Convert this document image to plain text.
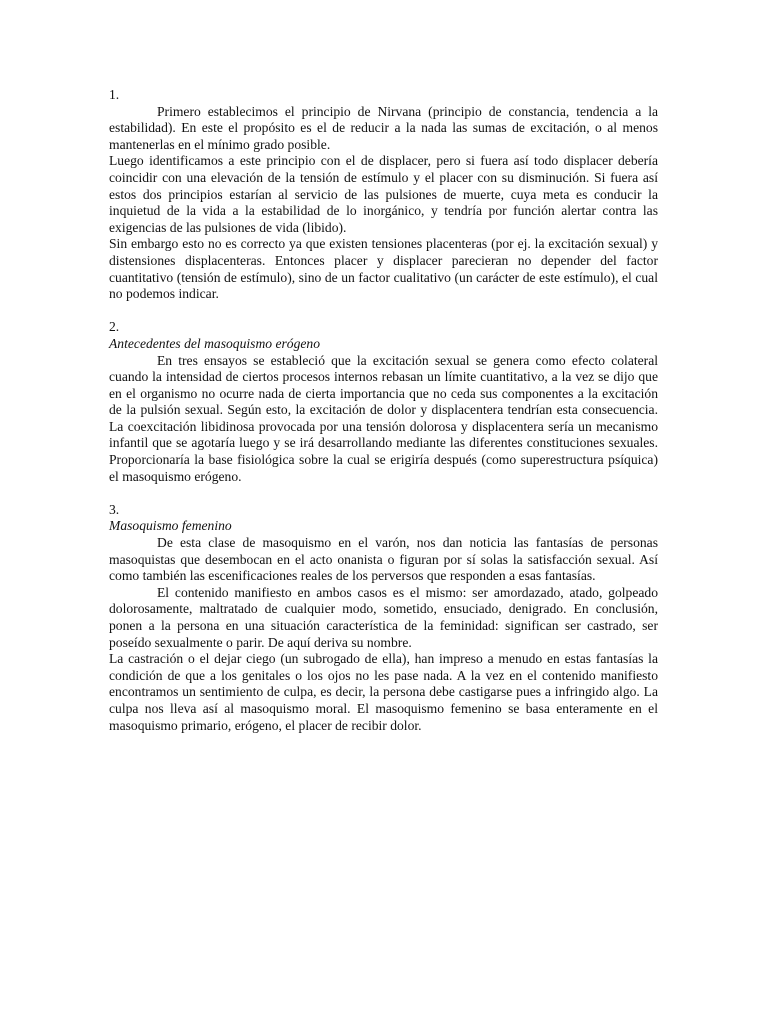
1.

Primero establecimos el principio de Nirvana (principio de constancia, tendencia a la estabilidad). En este el propósito es el de reducir a la nada las sumas de excitación, o al menos mantenerlas en el mínimo grado posible.

Luego identificamos a este principio con el de displacer, pero si fuera así todo displacer debería coincidir con una elevación de la tensión de estímulo y el placer con su disminución. Si fuera así estos dos principios estarían al servicio de las pulsiones de muerte, cuya meta es conducir la inquietud de la vida a la estabilidad de lo inorgánico, y tendría por función alertar contra las exigencias de las pulsiones de vida (libido).

Sin embargo esto no es correcto ya que existen tensiones placenteras (por ej. la excitación sexual) y distensiones displacenteras. Entonces placer y displacer parecieran no depender del factor cuantitativo (tensión de estímulo), sino de un factor cualitativo (un carácter de este estímulo), el cual no podemos indicar.

2.
Antecedentes del masoquismo erógeno

En tres ensayos se estableció que la excitación sexual se genera como efecto colateral cuando la intensidad de ciertos procesos internos rebasan un límite cuantitativo, a la vez se dijo que en el organismo no ocurre nada de cierta importancia que no ceda sus componentes a la excitación de la pulsión sexual. Según esto, la excitación de dolor y displacentera tendrían esta consecuencia. La coexcitación libidinosa provocada por una tensión dolorosa y displacentera sería un mecanismo infantil que se agotaría luego y se irá desarrollando mediante las diferentes constituciones sexuales. Proporcionaría la base fisiológica sobre la cual se erigiría después (como superestructura psíquica) el masoquismo erógeno.

3.
Masoquismo femenino

De esta clase de masoquismo en el varón, nos dan noticia las fantasías de personas masoquistas que desembocan en el acto onanista o figuran por sí solas la satisfacción sexual. Así como también las escenificaciones reales de los perversos que responden a esas fantasías.

El contenido manifiesto en ambos casos es el mismo: ser amordazado, atado, golpeado dolorosamente, maltratado de cualquier modo, sometido, ensuciado, denigrado. En conclusión, ponen a la persona en una situación característica de la feminidad: significan ser castrado, ser poseído sexualmente o parir. De aquí deriva su nombre.

La castración o el dejar ciego (un subrogado de ella), han impreso a menudo en estas fantasías la condición de que a los genitales o los ojos no les pase nada. A la vez en el contenido manifiesto encontramos un sentimiento de culpa, es decir, la persona debe castigarse pues a infringido algo. La culpa nos lleva así al masoquismo moral. El masoquismo femenino se basa enteramente en el masoquismo primario, erógeno, el placer de recibir dolor.
